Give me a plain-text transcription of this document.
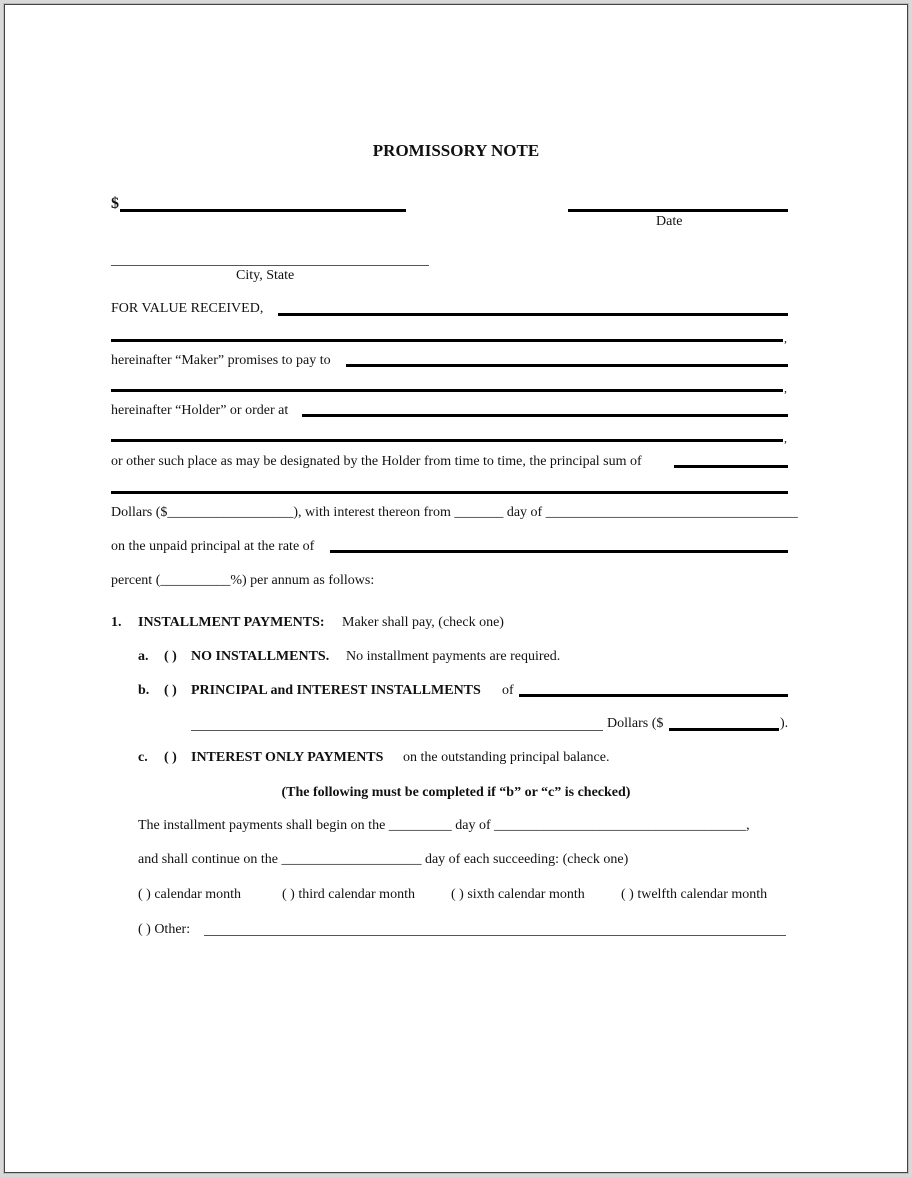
PROMISSORY NOTE
$
Date
City, State
FOR VALUE RECEIVED,
,
hereinafter “Maker” promises to pay to
,
hereinafter “Holder” or order at
,
or other such place as may be designated by the Holder from time to time, the principal sum of
Dollars ($__________________), with interest thereon from _______ day of ____________________________________
on the unpaid principal at the rate of
percent (__________%) per annum as follows:
1. INSTALLMENT PAYMENTS: Maker shall pay, (check one)
a. ( ) NO INSTALLMENTS. No installment payments are required.
b. ( ) PRINCIPAL and INTEREST INSTALLMENTS of
Dollars ($	).
c. ( ) INTEREST ONLY PAYMENTS on the outstanding principal balance.
(The following must be completed if “b” or “c” is checked)
The installment payments shall begin on the _________ day of ____________________________________,
and shall continue on the ____________________ day of each succeeding: (check one)
( ) calendar month	( ) third calendar month	( ) sixth calendar month	( ) twelfth calendar month
( ) Other:
